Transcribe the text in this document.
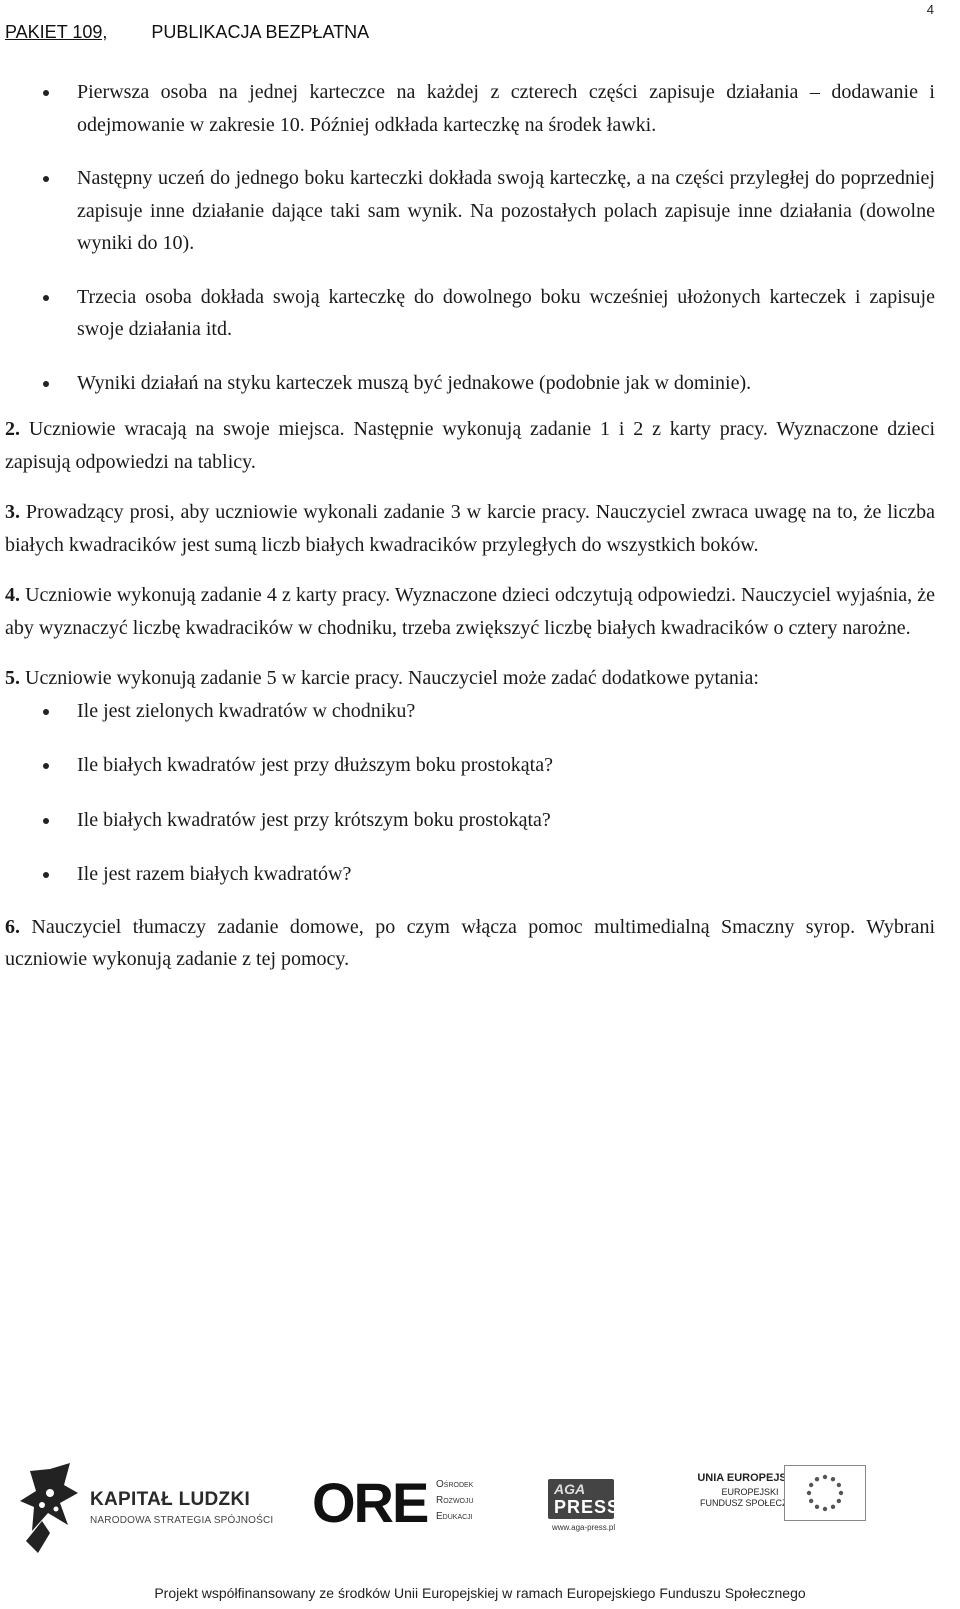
4
PAKIET 109, PUBLIKACJA BEZPŁATNA
Pierwsza osoba na jednej karteczce na każdej z czterech części zapisuje działania – dodawanie i odejmowanie w zakresie 10. Później odkłada karteczkę na środek ławki.
Następny uczeń do jednego boku karteczki dokłada swoją karteczkę, a na części przyległej do poprzedniej zapisuje inne działanie dające taki sam wynik. Na pozostałych polach zapisuje inne działania (dowolne wyniki do 10).
Trzecia osoba dokłada swoją karteczkę do dowolnego boku wcześniej ułożonych karteczek i zapisuje swoje działania itd.
Wyniki działań na styku karteczek muszą być jednakowe (podobnie jak w dominie).

2. Uczniowie wracają na swoje miejsca. Następnie wykonują zadanie 1 i 2 z karty pracy. Wyznaczone dzieci zapisują odpowiedzi na tablicy.

3. Prowadzący prosi, aby uczniowie wykonali zadanie 3 w karcie pracy. Nauczyciel zwraca uwagę na to, że liczba białych kwadracików jest sumą liczb białych kwadracików przyległych do wszystkich boków.

4. Uczniowie wykonują zadanie 4 z karty pracy. Wyznaczone dzieci odczytują odpowiedzi. Nauczyciel wyjaśnia, że aby wyznaczyć liczbę kwadracików w chodniku, trzeba zwiększyć liczbę białych kwadracików o cztery narożne.

5. Uczniowie wykonują zadanie 5 w karcie pracy. Nauczyciel może zadać dodatkowe pytania:

Ile jest zielonych kwadratów w chodniku?
Ile białych kwadratów jest przy dłuższym boku prostokąta?
Ile białych kwadratów jest przy krótszym boku prostokąta?
Ile jest razem białych kwadratów?

6. Nauczyciel tłumaczy zadanie domowe, po czym włącza pomoc multimedialną Smaczny syrop. Wybrani uczniowie wykonują zadanie z tej pomocy.

KAPITAŁ LUDZKI
NARODOWA STRATEGIA SPÓJNOŚCI ORE Ośrodek
Rozwoju
Edukacji
AGA
PRESS
www.aga-press.pl
UNIA EUROPEJSKA
EUROPEJSKI
FUNDUSZ SPOŁECZNY
Projekt współfinansowany ze środków Unii Europejskiej w ramach Europejskiego Funduszu Społecznego
